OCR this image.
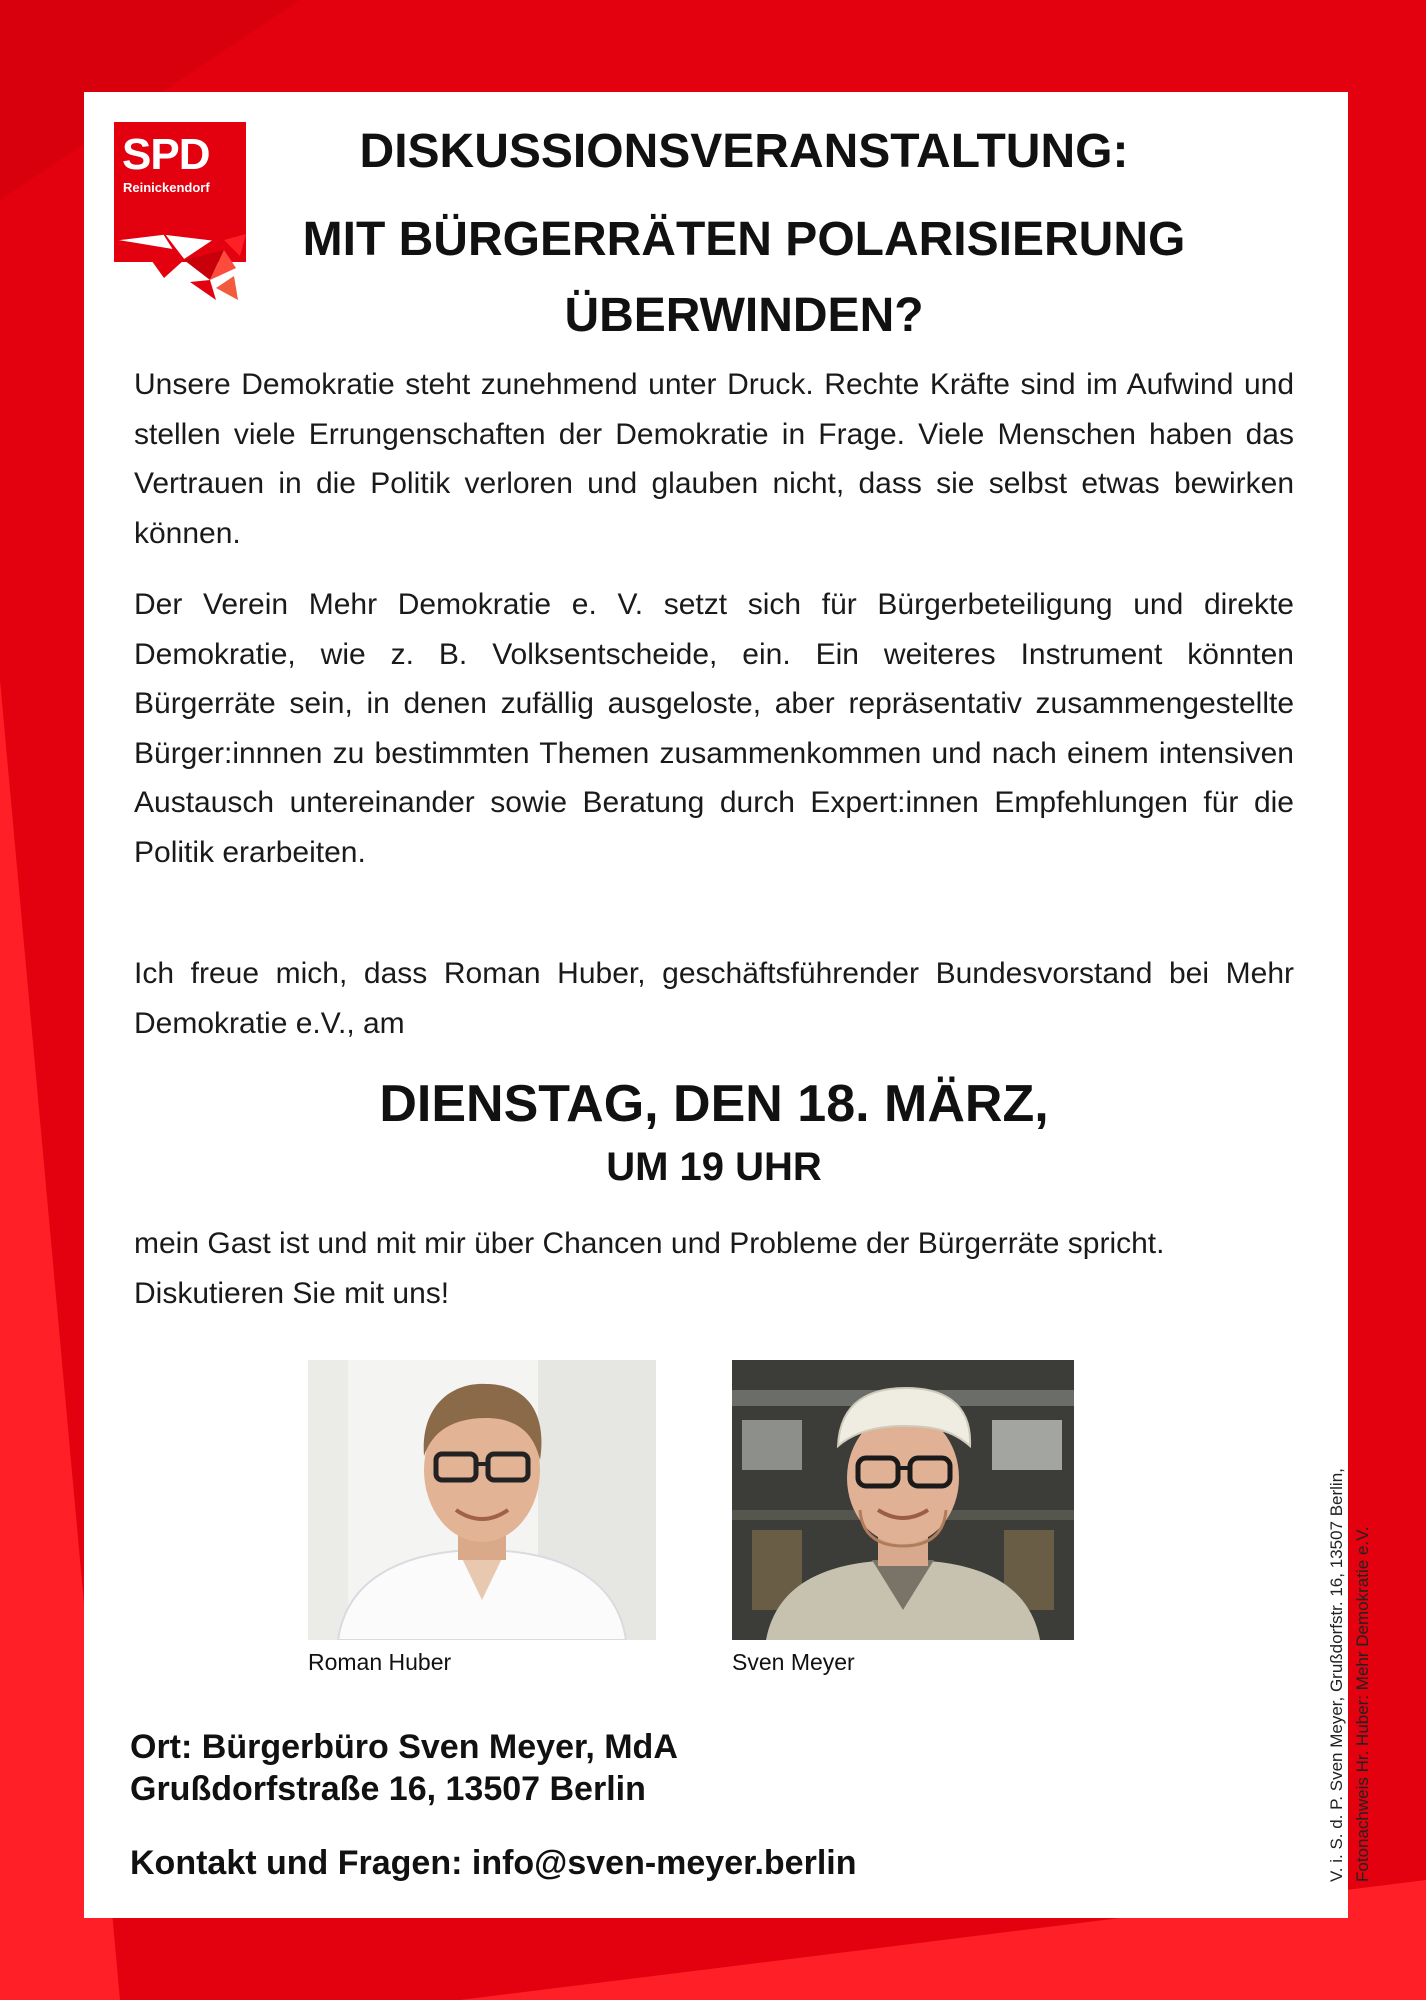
SPD
Reinickendorf
DISKUSSIONSVERANSTALTUNG:
MIT BÜRGERRÄTEN POLARISIERUNG
ÜBERWINDEN?

Unsere Demokratie steht zunehmend unter Druck. Rechte Kräfte sind im Aufwind und stellen viele Errungenschaften der Demokratie in Frage. Viele Menschen haben das Vertrauen in die Politik verloren und glauben nicht, dass sie selbst etwas bewirken können.

Der Verein Mehr Demokratie e. V. setzt sich für Bürgerbeteiligung und direkte Demokratie, wie z. B. Volksentscheide, ein. Ein weiteres Instrument könnten Bürgerräte sein, in denen zufällig ausgeloste, aber repräsentativ zusammengestellte Bürger:innnen zu bestimmten Themen zusammenkommen und nach einem intensiven Austausch untereinander sowie Beratung durch Expert:innen Empfehlungen für die Politik erarbeiten.

Ich freue mich, dass Roman Huber, geschäftsführender Bundesvorstand bei Mehr Demokratie e.V., am

DIENSTAG, DEN 18. MÄRZ,

UM 19 UHR

mein Gast ist und mit mir über Chancen und Probleme der Bürgerräte spricht. Diskutieren Sie mit uns!

Roman Huber	Sven Meyer

Ort: Bürgerbüro Sven Meyer, MdA

Grußdorfstraße 16, 13507 Berlin

Kontakt und Fragen: info@sven-meyer.berlin	V. i. S. d. P. Sven Meyer, Grußdorfstr. 16, 13507 Berlin, Fotonachweis Hr. Huber: Mehr Demokratie e.V.
